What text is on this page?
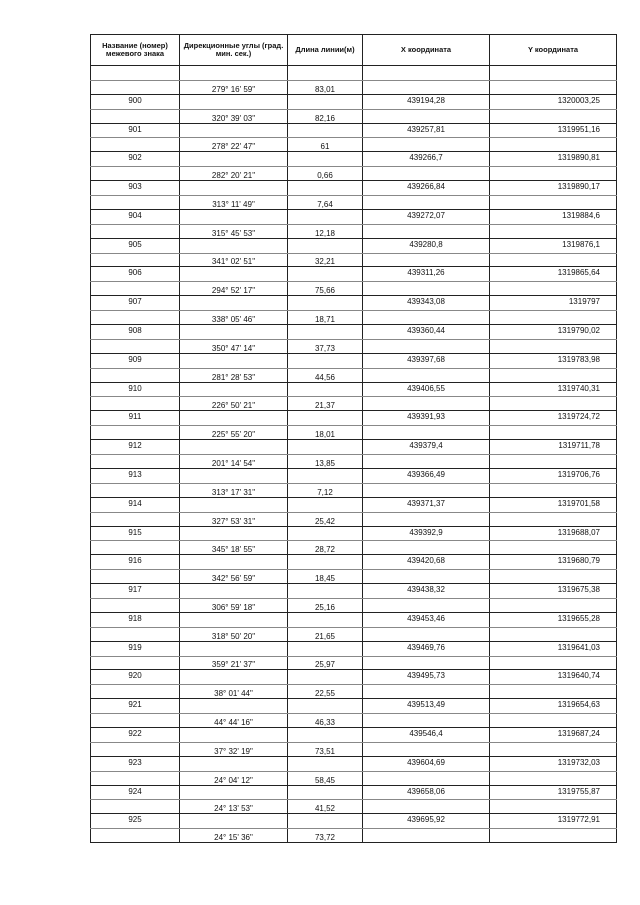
Название (номер) межевого знака	Дирекционные углы (град. мин. сек.)	Длина линии(м)	X координата	Y координата

	279° 16' 59"	83,01		
900			439194,28	1320003,25
	320° 39' 03"	82,16		
901			439257,81	1319951,16
	278° 22' 47"	61		
902			439266,7	1319890,81
	282° 20' 21"	0,66		
903			439266,84	1319890,17
	313° 11' 49"	7,64		
904			439272,07	1319884,6
	315° 45' 53"	12,18		
905			439280,8	1319876,1
	341° 02' 51"	32,21		
906			439311,26	1319865,64
	294° 52' 17"	75,66		
907			439343,08	1319797
	338° 05' 46"	18,71		
908			439360,44	1319790,02
	350° 47' 14"	37,73		
909			439397,68	1319783,98
	281° 28' 53"	44,56		
910			439406,55	1319740,31
	226° 50' 21"	21,37		
911			439391,93	1319724,72
	225° 55' 20"	18,01		
912			439379,4	1319711,78
	201° 14' 54"	13,85		
913			439366,49	1319706,76
	313° 17' 31"	7,12		
914			439371,37	1319701,58
	327° 53' 31"	25,42		
915			439392,9	1319688,07
	345° 18' 55"	28,72		
916			439420,68	1319680,79
	342° 56' 59"	18,45		
917			439438,32	1319675,38
	306° 59' 18"	25,16		
918			439453,46	1319655,28
	318° 50' 20"	21,65		
919			439469,76	1319641,03
	359° 21' 37"	25,97		
920			439495,73	1319640,74
	38° 01' 44"	22,55		
921			439513,49	1319654,63
	44° 44' 16"	46,33		
922			439546,4	1319687,24
	37° 32' 19"	73,51		
923			439604,69	1319732,03
	24° 04' 12"	58,45		
924			439658,06	1319755,87
	24° 13' 53"	41,52		
925			439695,92	1319772,91
	24° 15' 36"	73,72		
